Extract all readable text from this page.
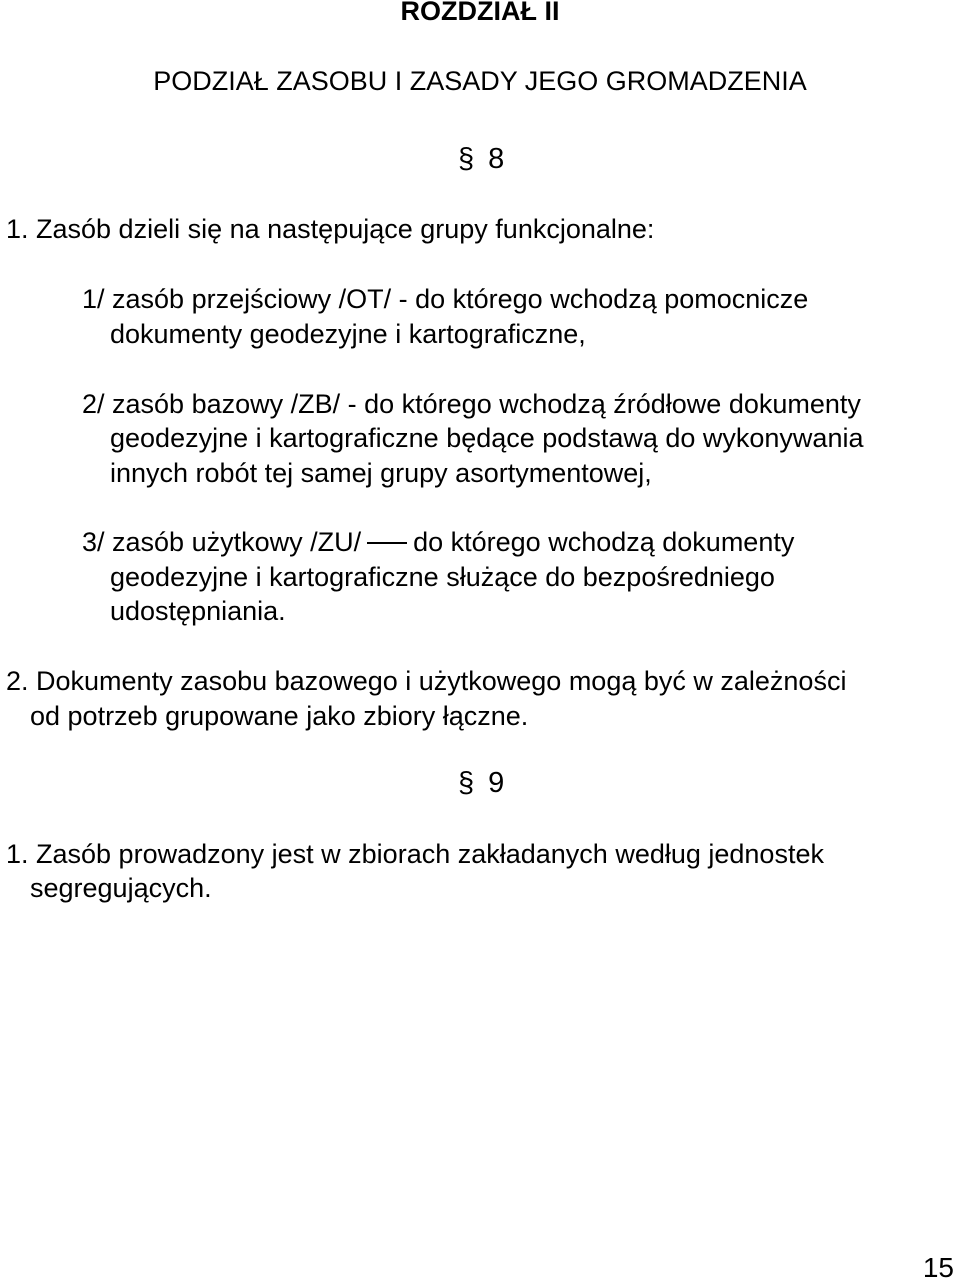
ROZDZIAŁ II
PODZIAŁ ZASOBU I ZASADY JEGO GROMADZENIA
§ 8
1. Zasób dzieli się na następujące grupy funkcjonalne:
1/ zasób przejściowy /OT/ - do którego wchodzą pomocnicze
dokumenty geodezyjne i kartograficzne,
2/ zasób bazowy /ZB/ - do którego wchodzą źródłowe dokumenty
geodezyjne i kartograficzne będące podstawą do wykonywania
innych robót tej samej grupy asortymentowej,
3/ zasób użytkowy /ZU/ do którego wchodzą dokumenty
geodezyjne i kartograficzne służące do bezpośredniego
udostępniania.
2. Dokumenty zasobu bazowego i użytkowego mogą być w zależności
od potrzeb grupowane jako zbiory łączne.
§ 9
1. Zasób prowadzony jest w zbiorach zakładanych według jednostek
segregujących.
15
